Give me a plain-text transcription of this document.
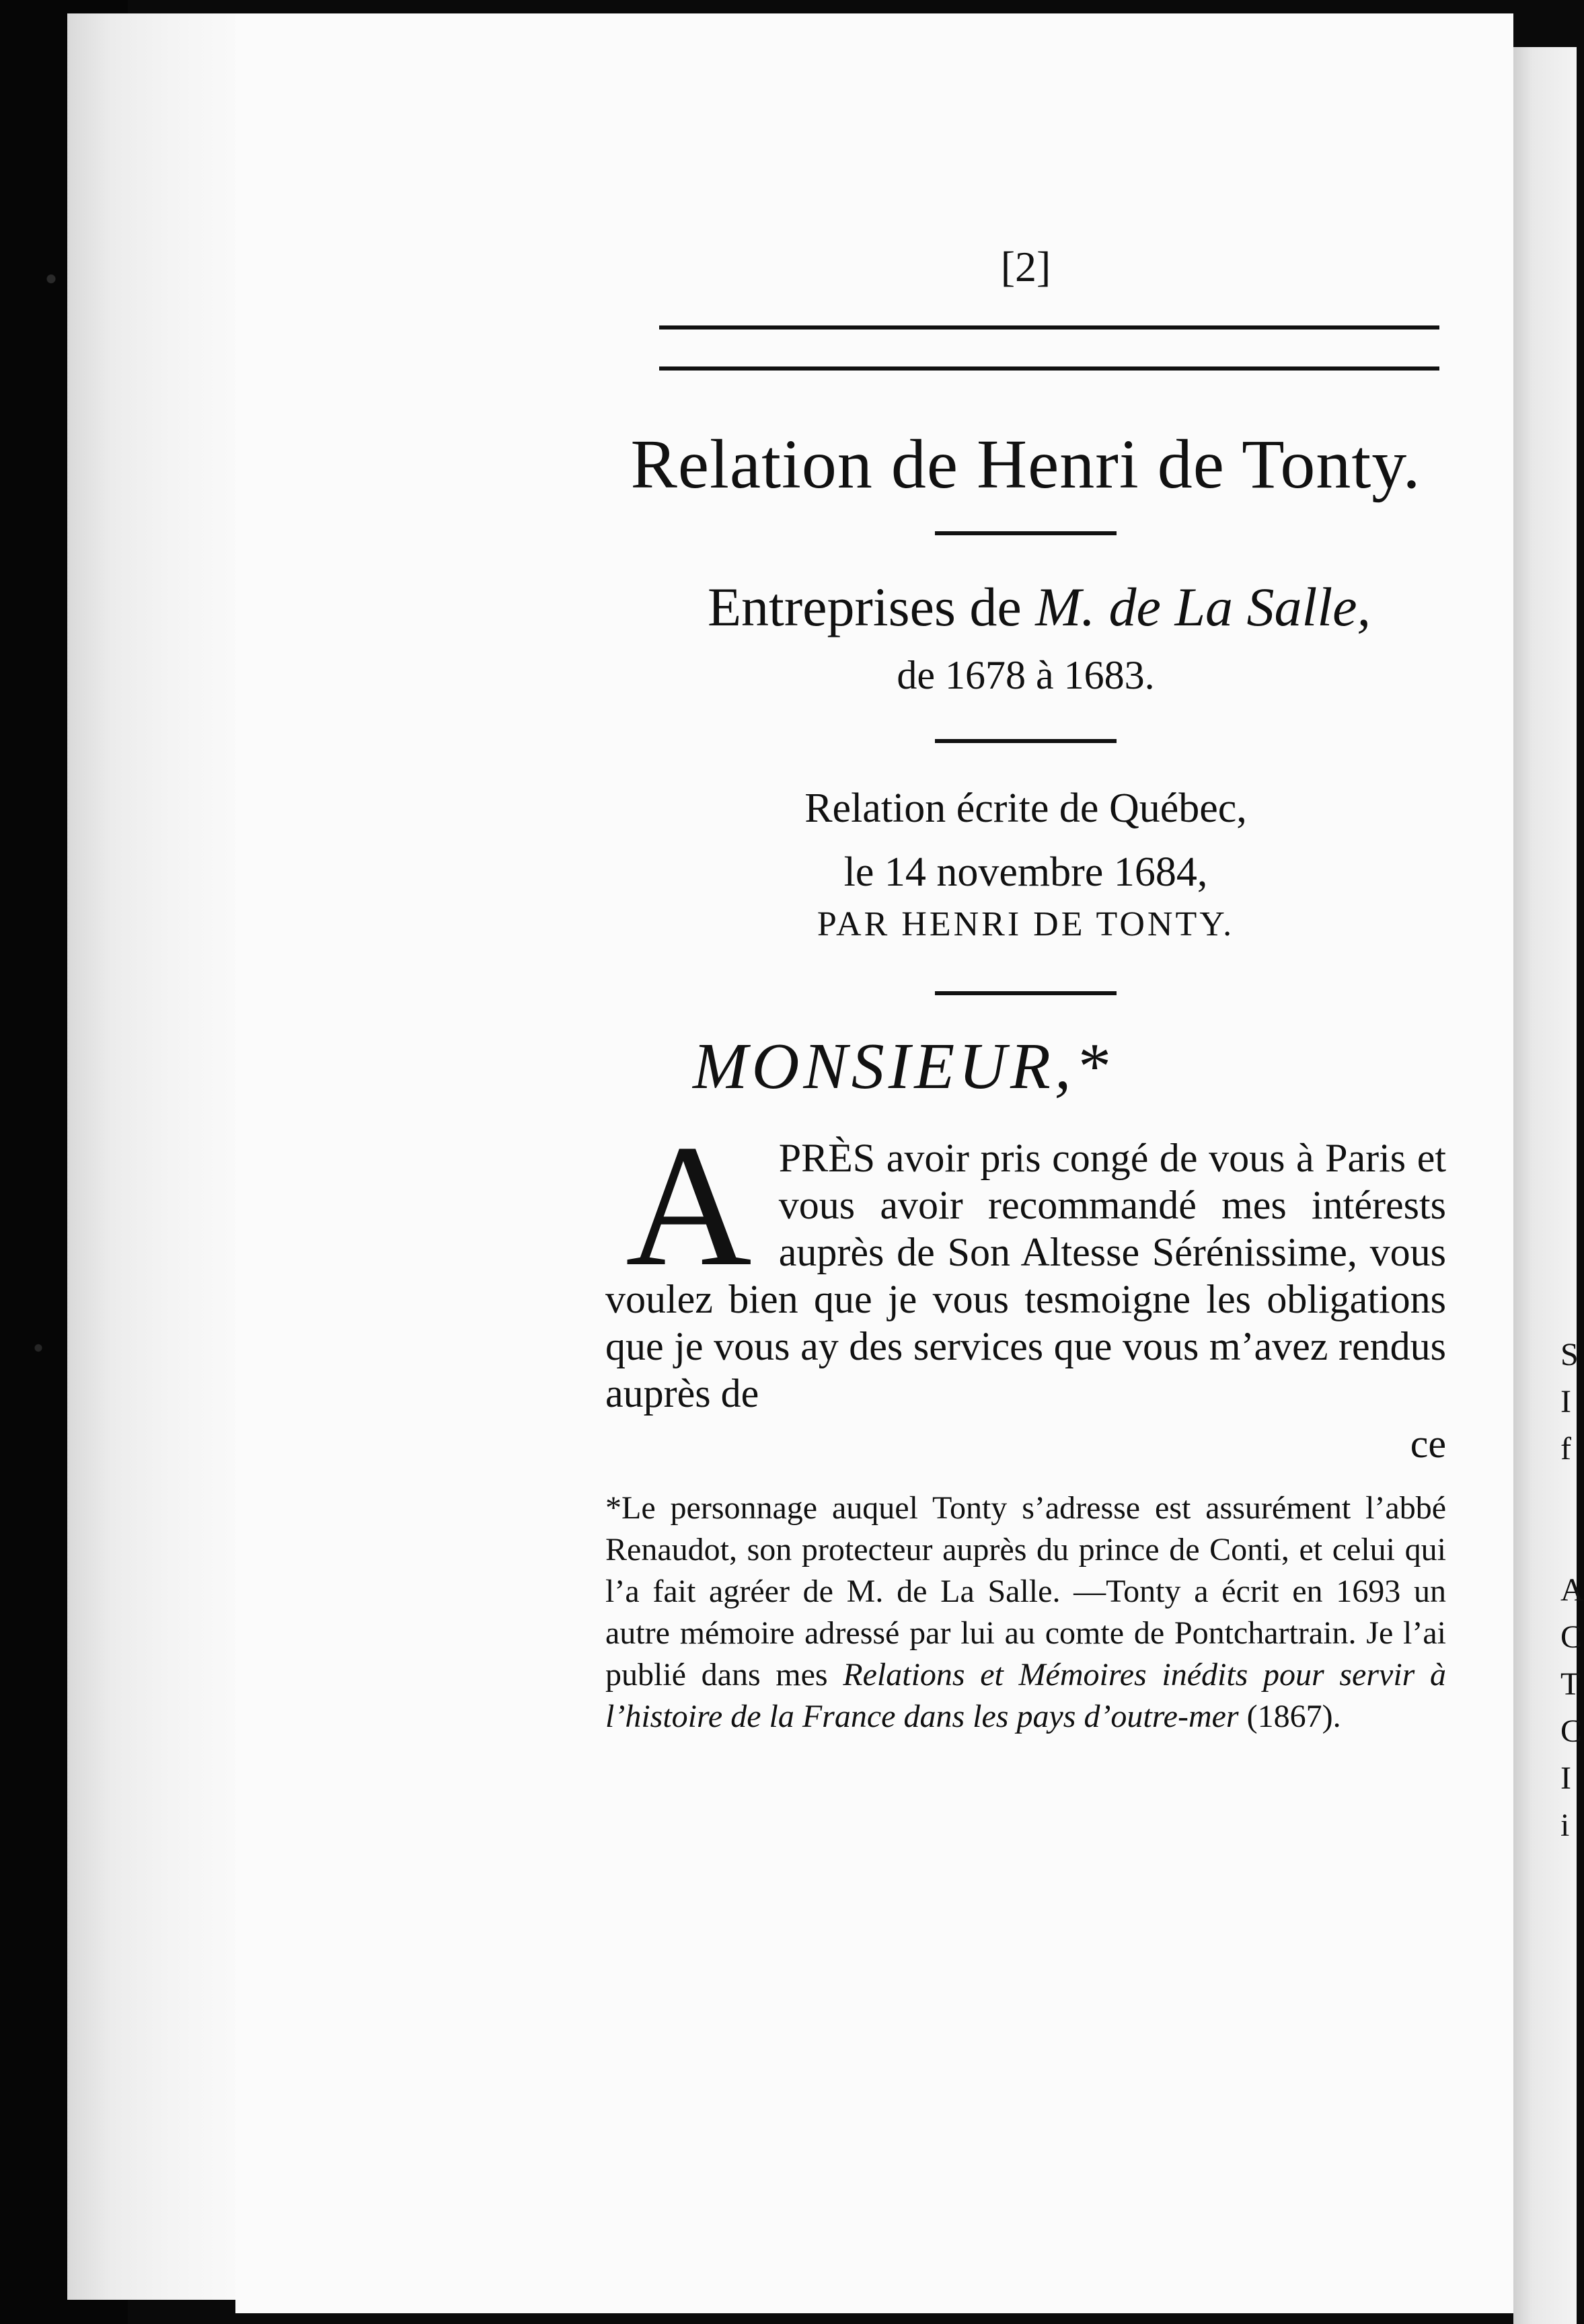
S
I
f

A
C
T
C
I
i
[2]
Relation de Henri de Tonty.
Entreprises de M. de La Salle,
de 1678 à 1683.
Relation écrite de Québec,
le 14 novembre 1684,
PAR HENRI DE TONTY.
MONSIEUR,*
A PRÈS avoir pris congé de vous à Paris et vous avoir recommandé mes intérests auprès de Son Altesse Sérénissime, vous voulez bien que je vous tesmoigne les obligations que je vous ay des services que vous m’avez rendus auprès de
ce
*Le personnage auquel Tonty s’adresse est assurément l’abbé Renaudot, son protecteur auprès du prince de Conti, et celui qui l’a fait agréer de M. de La Salle. —Tonty a écrit en 1693 un autre mémoire adressé par lui au comte de Pontchartrain. Je l’ai publié dans mes Relations et Mémoires inédits pour servir à l’histoire de la France dans les pays d’outre-mer (1867).
